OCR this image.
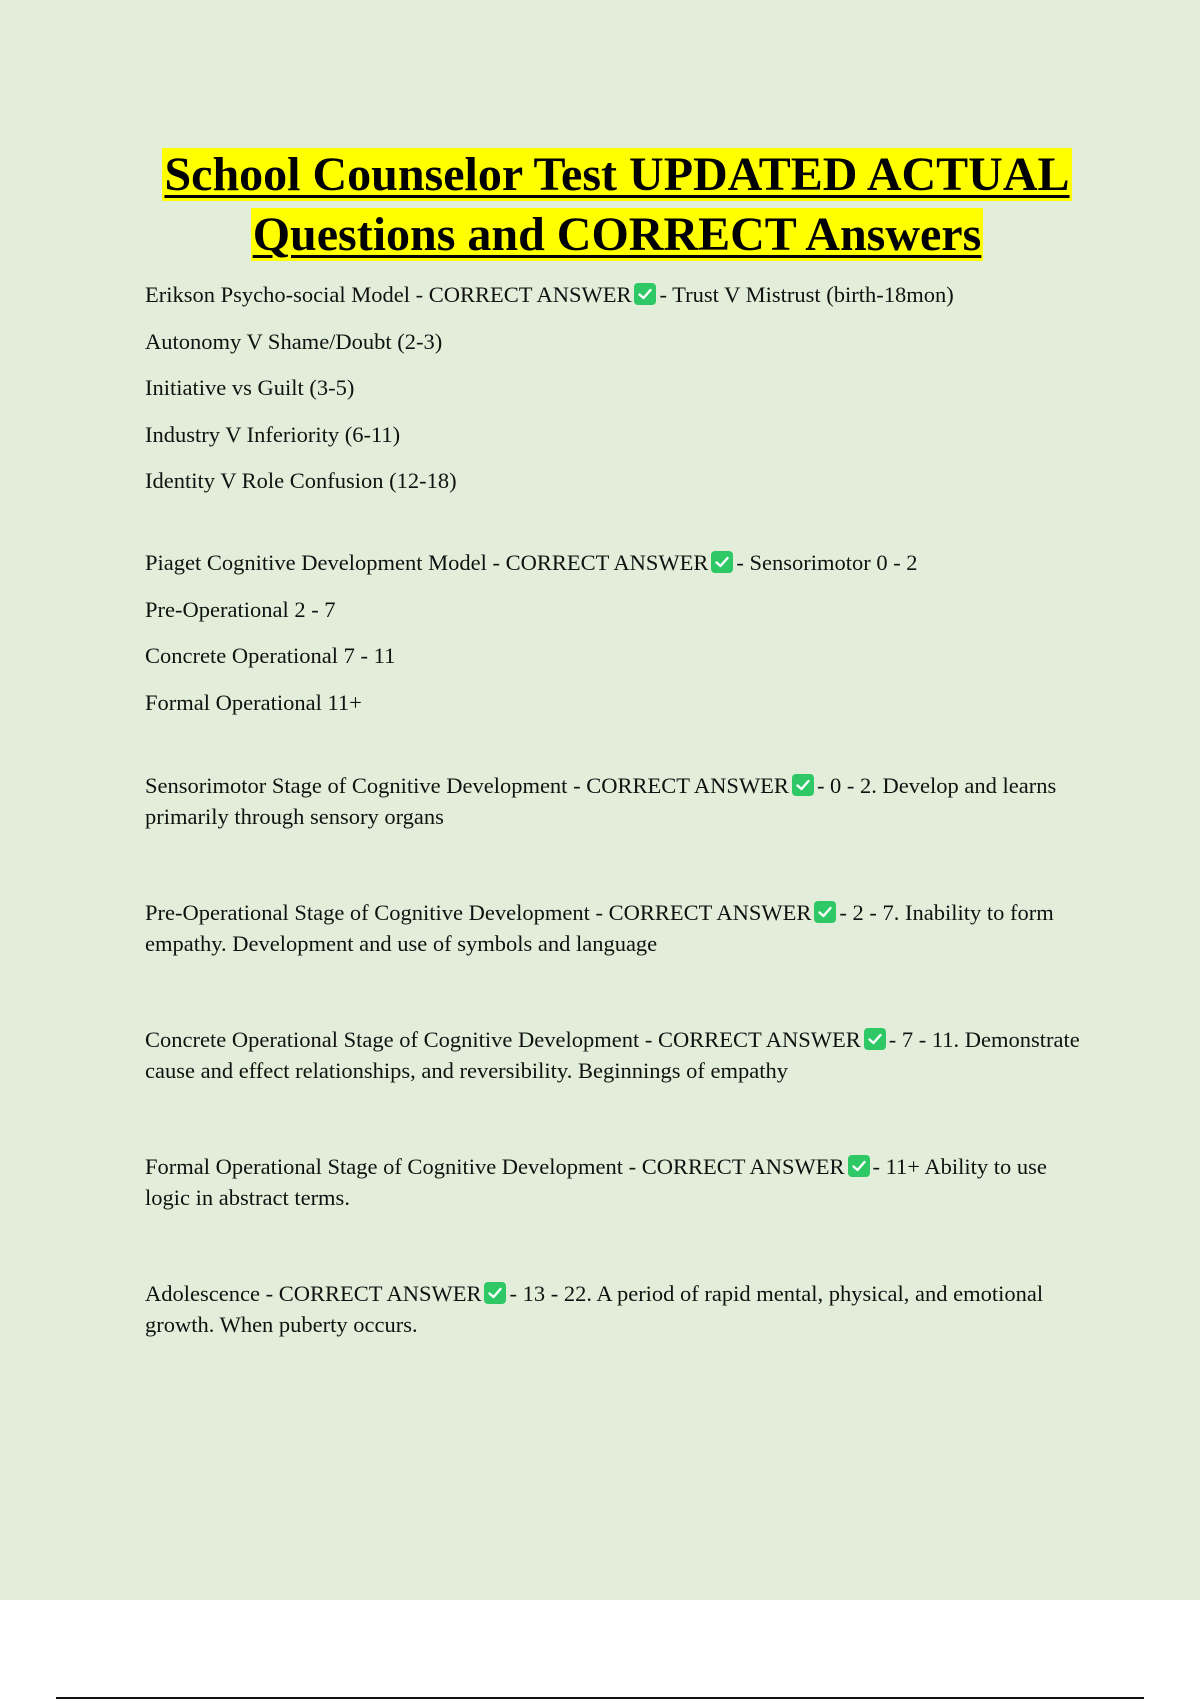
School Counselor Test UPDATED ACTUAL
Questions and CORRECT Answers
Erikson Psycho-social Model - CORRECT ANSWER - Trust V Mistrust (birth-18mon)
Autonomy V Shame/Doubt (2-3)
Initiative vs Guilt (3-5)
Industry V Inferiority (6-11)
Identity V Role Confusion (12-18)
Piaget Cognitive Development Model - CORRECT ANSWER - Sensorimotor 0 - 2
Pre-Operational 2 - 7
Concrete Operational 7 - 11
Formal Operational 11+
Sensorimotor Stage of Cognitive Development - CORRECT ANSWER - 0 - 2. Develop and learns primarily through sensory organs
Pre-Operational Stage of Cognitive Development - CORRECT ANSWER - 2 - 7. Inability to form empathy. Development and use of symbols and language
Concrete Operational Stage of Cognitive Development - CORRECT ANSWER - 7 - 11. Demonstrate cause and effect relationships, and reversibility. Beginnings of empathy
Formal Operational Stage of Cognitive Development - CORRECT ANSWER - 11+ Ability to use logic in abstract terms.
Adolescence - CORRECT ANSWER - 13 - 22. A period of rapid mental, physical, and emotional growth. When puberty occurs.
